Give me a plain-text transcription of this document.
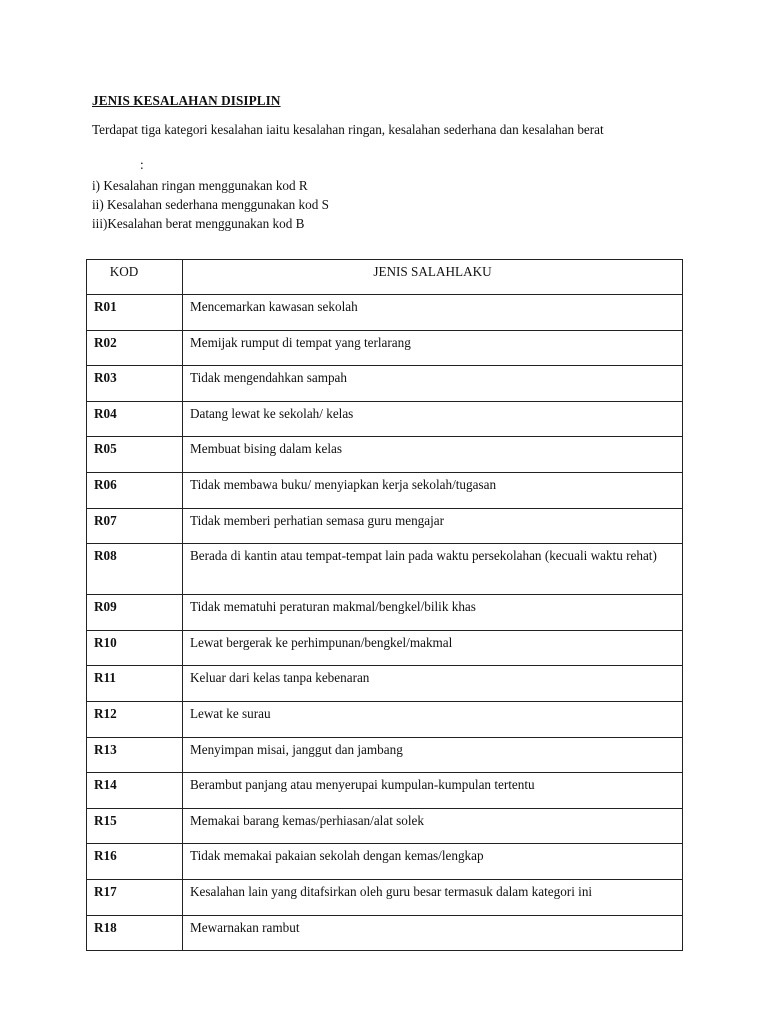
JENIS KESALAHAN DISIPLIN
Terdapat tiga kategori kesalahan iaitu kesalahan ringan, kesalahan sederhana dan kesalahan berat
:
i) Kesalahan ringan menggunakan kod R
ii) Kesalahan sederhana menggunakan kod S
iii)Kesalahan berat menggunakan kod B
KOD	JENIS SALAHLAKU
R01	Mencemarkan kawasan sekolah
R02	Memijak rumput di tempat yang terlarang
R03	Tidak mengendahkan sampah
R04	Datang lewat ke sekolah/ kelas
R05	Membuat bising dalam kelas
R06	Tidak membawa buku/ menyiapkan kerja sekolah/tugasan
R07	Tidak memberi perhatian semasa guru mengajar
R08	Berada di kantin atau tempat-tempat lain pada waktu persekolahan (kecuali waktu rehat)
R09	Tidak mematuhi peraturan makmal/bengkel/bilik khas
R10	Lewat bergerak ke perhimpunan/bengkel/makmal
R11	Keluar dari kelas tanpa kebenaran
R12	Lewat ke surau
R13	Menyimpan misai, janggut dan jambang
R14	Berambut panjang atau menyerupai kumpulan-kumpulan tertentu
R15	Memakai barang kemas/perhiasan/alat solek
R16	Tidak memakai pakaian sekolah dengan kemas/lengkap
R17	Kesalahan lain yang ditafsirkan oleh guru besar termasuk dalam kategori ini
R18	Mewarnakan rambut
